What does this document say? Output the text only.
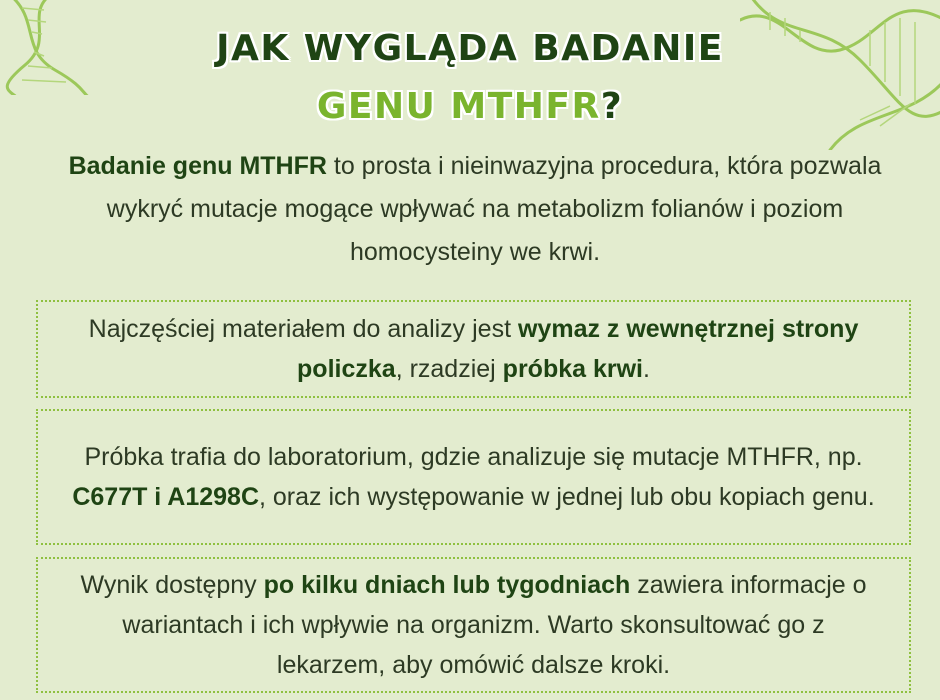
JAK WYGLĄDA BADANIE
GENU MTHFR?
Badanie genu MTHFR to prosta i nieinwazyjna procedura, która pozwala wykryć mutacje mogące wpływać na metabolizm folianów i poziom homocysteiny we krwi.
Najczęściej materiałem do analizy jest wymaz z wewnętrznej strony policzka, rzadziej próbka krwi.
Próbka trafia do laboratorium, gdzie analizuje się mutacje MTHFR, np. C677T i A1298C, oraz ich występowanie w jednej lub obu kopiach genu.
Wynik dostępny po kilku dniach lub tygodniach zawiera informacje o wariantach i ich wpływie na organizm. Warto skonsultować go z lekarzem, aby omówić dalsze kroki.
